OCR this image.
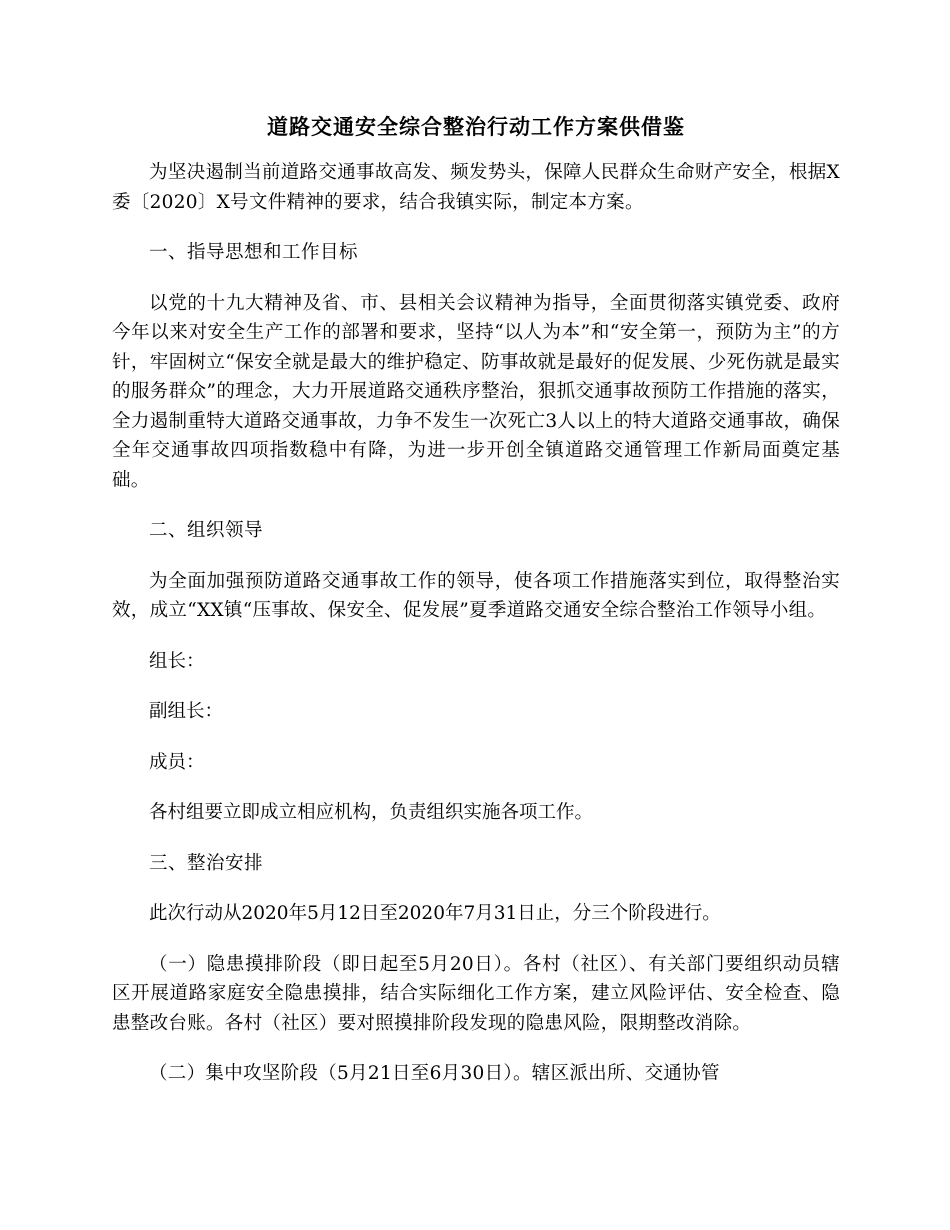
道路交通安全综合整治行动工作方案供借鉴
为坚决遏制当前道路交通事故高发、频发势头，保障人民群众生命财产安全，根据X委〔2020〕X号文件精神的要求，结合我镇实际，制定本方案。
一、指导思想和工作目标
以党的十九大精神及省、市、县相关会议精神为指导，全面贯彻落实镇党委、政府今年以来对安全生产工作的部署和要求，坚持“以人为本”和“安全第一，预防为主”的方针，牢固树立“保安全就是最大的维护稳定、防事故就是最好的促发展、少死伤就是最实的服务群众”的理念，大力开展道路交通秩序整治，狠抓交通事故预防工作措施的落实，全力遏制重特大道路交通事故，力争不发生一次死亡3人以上的特大道路交通事故，确保全年交通事故四项指数稳中有降，为进一步开创全镇道路交通管理工作新局面奠定基础。
二、组织领导
为全面加强预防道路交通事故工作的领导，使各项工作措施落实到位，取得整治实效，成立“XX镇“压事故、保安全、促发展”夏季道路交通安全综合整治工作领导小组。
组长：
副组长：
成员：
各村组要立即成立相应机构，负责组织实施各项工作。
三、整治安排
此次行动从2020年5月12日至2020年7月31日止，分三个阶段进行。
（一）隐患摸排阶段（即日起至5月20日）。各村（社区）、有关部门要组织动员辖区开展道路家庭安全隐患摸排，结合实际细化工作方案，建立风险评估、安全检查、隐患整改台账。各村（社区）要对照摸排阶段发现的隐患风险，限期整改消除。
（二）集中攻坚阶段（5月21日至6月30日）。辖区派出所、交通协管
